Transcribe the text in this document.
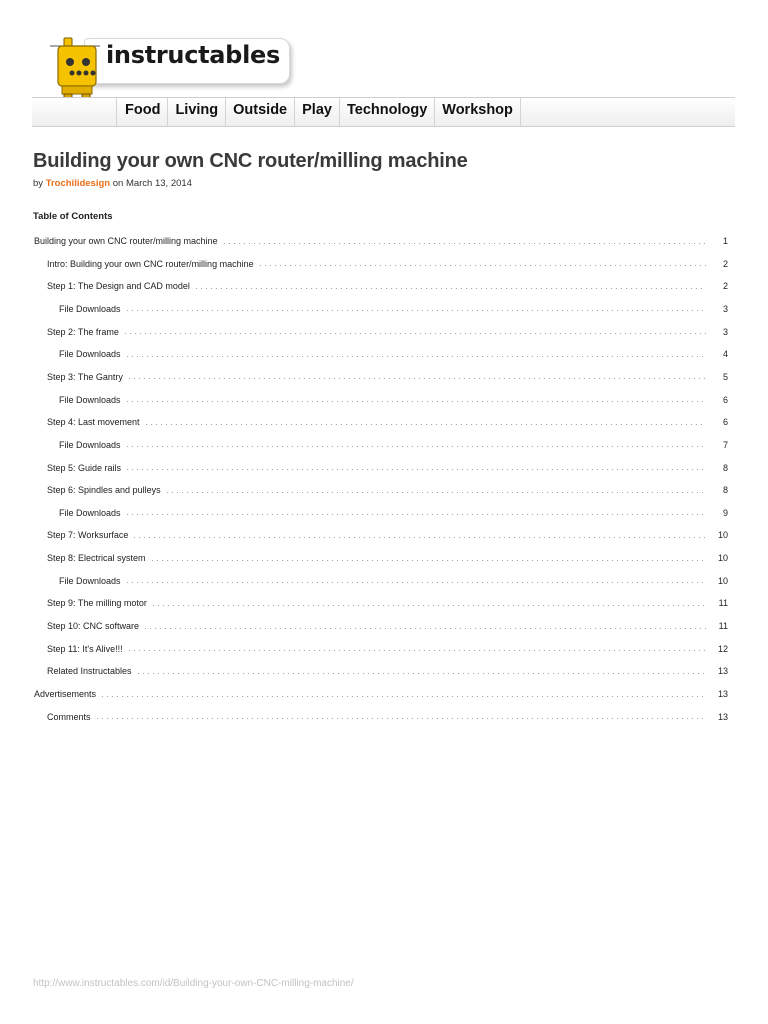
instructables
Food	Living	Outside	Play	Technology	Workshop
Building your own CNC router/milling machine
by Trochilidesign on March 13, 2014
Table of Contents
Building your own CNC router/milling machine	1
Intro: Building your own CNC router/milling machine	2
Step 1: The Design and CAD model	2
File Downloads	3
Step 2: The frame	3
File Downloads	4
Step 3: The Gantry	5
File Downloads	6
Step 4: Last movement	6
File Downloads	7
Step 5: Guide rails	8
Step 6: Spindles and pulleys	8
File Downloads	9
Step 7: Worksurface	10
Step 8: Electrical system	10
File Downloads	10
Step 9: The milling motor	11
Step 10: CNC software	11
Step 11: It's Alive!!!	12
Related Instructables	13
Advertisements	13
Comments	13
http://www.instructables.com/id/Building-your-own-CNC-milling-machine/
